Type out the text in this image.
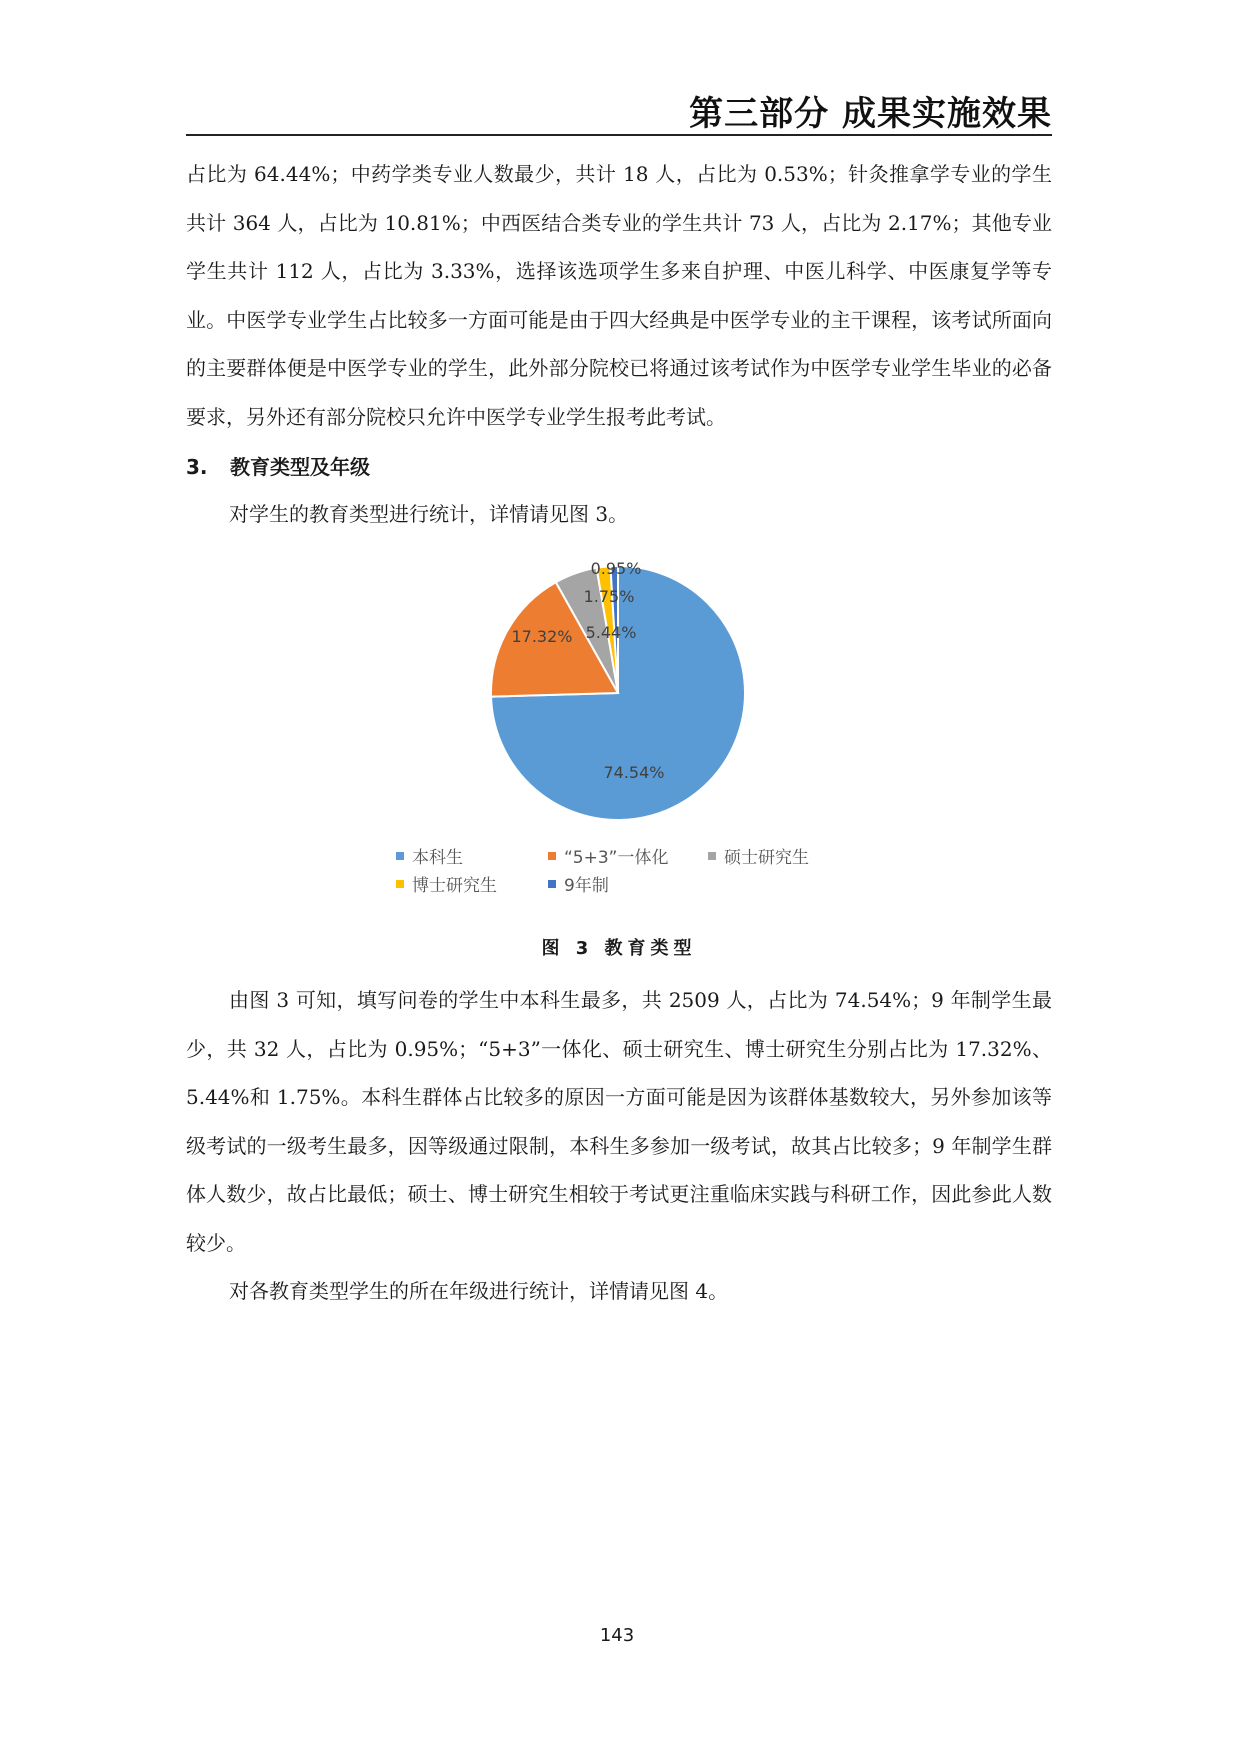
第三部分 成果实施效果

占比为 64.44%；中药学类专业人数最少，共计 18 人，占比为 0.53%；针灸推拿学专业的学生共计 364 人，占比为 10.81%；中西医结合类专业的学生共计 73 人，占比为 2.17%；其他专业学生共计 112 人，占比为 3.33%，选择该选项学生多来自护理、中医儿科学、中医康复学等专业。中医学专业学生占比较多一方面可能是由于四大经典是中医学专业的主干课程，该考试所面向的主要群体便是中医学专业的学生，此外部分院校已将通过该考试作为中医学专业学生毕业的必备要求，另外还有部分院校只允许中医学专业学生报考此考试。

3. 教育类型及年级

对学生的教育类型进行统计，详情请见图 3。

74.54%
17.32% 5.44%
1.75%
0.95%
本科生	“5+3”一体化	硕士研究生
博士研究生	9年制
图 3 教育类型

由图 3 可知，填写问卷的学生中本科生最多，共 2509 人，占比为 74.54%；9 年制学生最少，共 32 人，占比为 0.95%；“5+3”一体化、硕士研究生、博士研究生分别占比为 17.32%、5.44%和 1.75%。本科生群体占比较多的原因一方面可能是因为该群体基数较大，另外参加该等级考试的一级考生最多，因等级通过限制，本科生多参加一级考试，故其占比较多；9 年制学生群体人数少，故占比最低；硕士、博士研究生相较于考试更注重临床实践与科研工作，因此参此人数较少。

对各教育类型学生的所在年级进行统计，详情请见图 4。

143
